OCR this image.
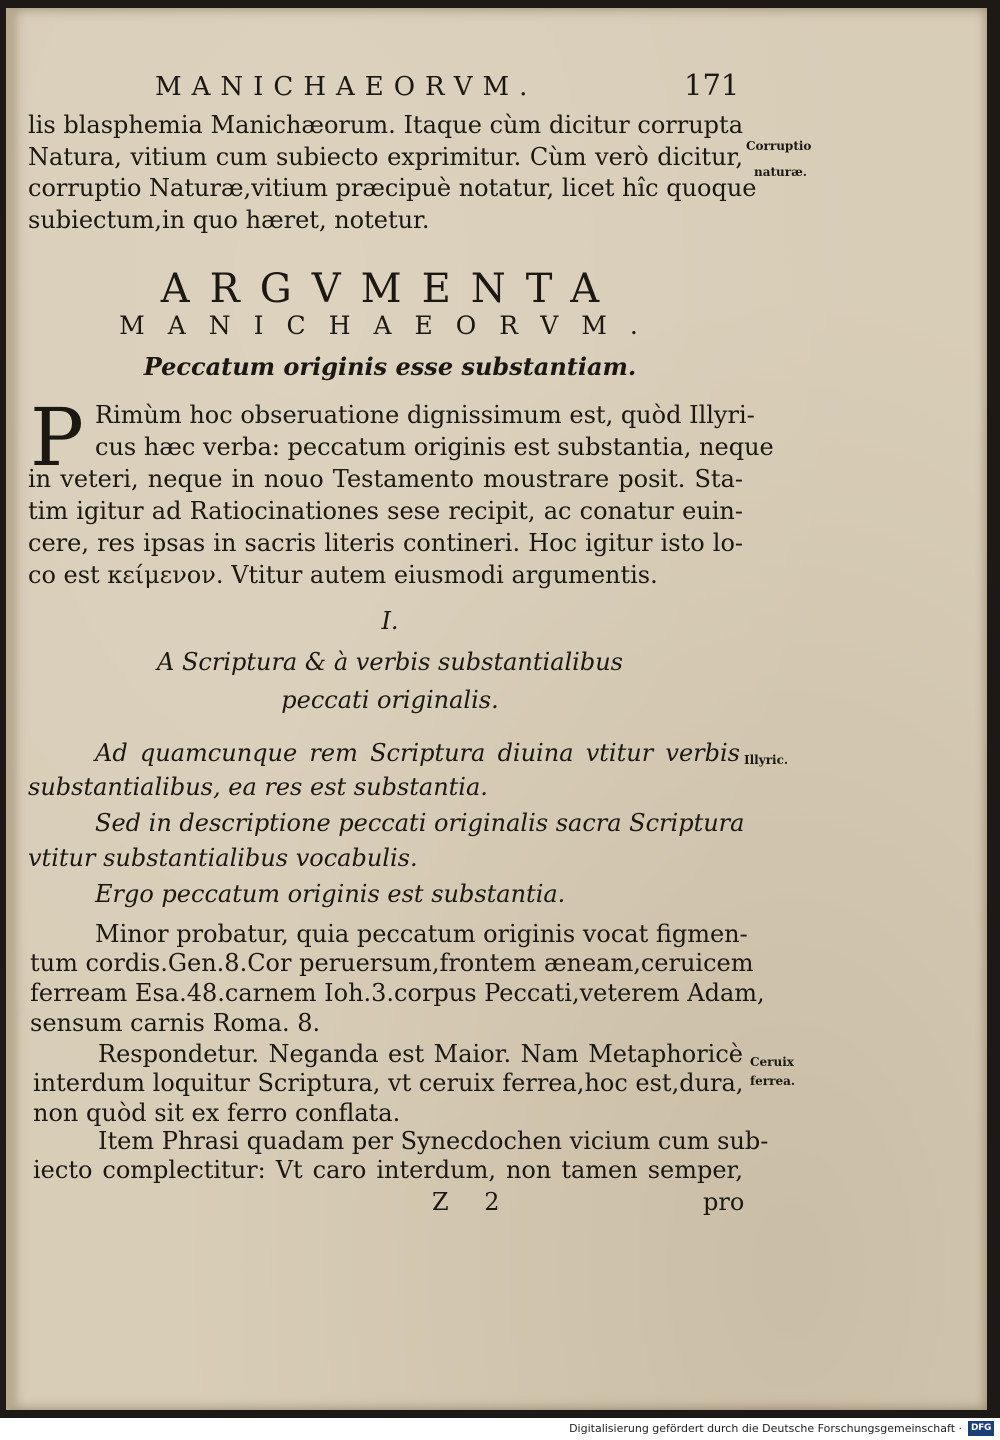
MANICHAEORVM.	171
lis blasphemia Manichæorum. Itaque cùm dicitur corrupta
Natura, vitium cum subiecto exprimitur. Cùm verò dicitur,
corruptio Naturæ,vitium præcipuè notatur, licet hîc quoque
subiectum,in quo hæret, notetur.
Corruptio
naturæ.
ARGVMENTA
MANICHAEORVM.
Peccatum originis esse substantiam.
P Rimùm hoc obseruatione dignissimum est, quòd Illyri-
cus hæc verba: peccatum originis est substantia, neque
in veteri, neque in nouo Testamento moustrare posit. Sta-
tim igitur ad Ratiocinationes sese recipit, ac conatur euin-
cere, res ipsas in sacris literis contineri. Hoc igitur isto lo-
co est κείμενον. Vtitur autem eiusmodi argumentis.
I.
A Scriptura & à verbis substantialibus
peccati originalis.
Ad quamcunque rem Scriptura diuina vtitur verbis
substantialibus, ea res est substantia.
Sed in descriptione peccati originalis sacra Scriptura
vtitur substantialibus vocabulis.
Ergo peccatum originis est substantia.
Illyric.
Minor probatur, quia peccatum originis vocat figmen-
tum cordis.Gen.8.Cor peruersum,frontem æneam,ceruicem
ferream Esa.48.carnem Ioh.3.corpus Peccati,veterem Adam,
sensum carnis Roma. 8.
Respondetur. Neganda est Maior. Nam Metaphoricè
interdum loquitur Scriptura, vt ceruix ferrea,hoc est,dura,
non quòd sit ex ferro conflata.
Item Phrasi quadam per Synecdochen vicium cum sub-
iecto complectitur: Vt caro interdum, non tamen semper,
Ceruix
ferrea.
Z 2	pro
Digitalisierung gefördert durch die Deutsche Forschungsgemeinschaft · DFG
